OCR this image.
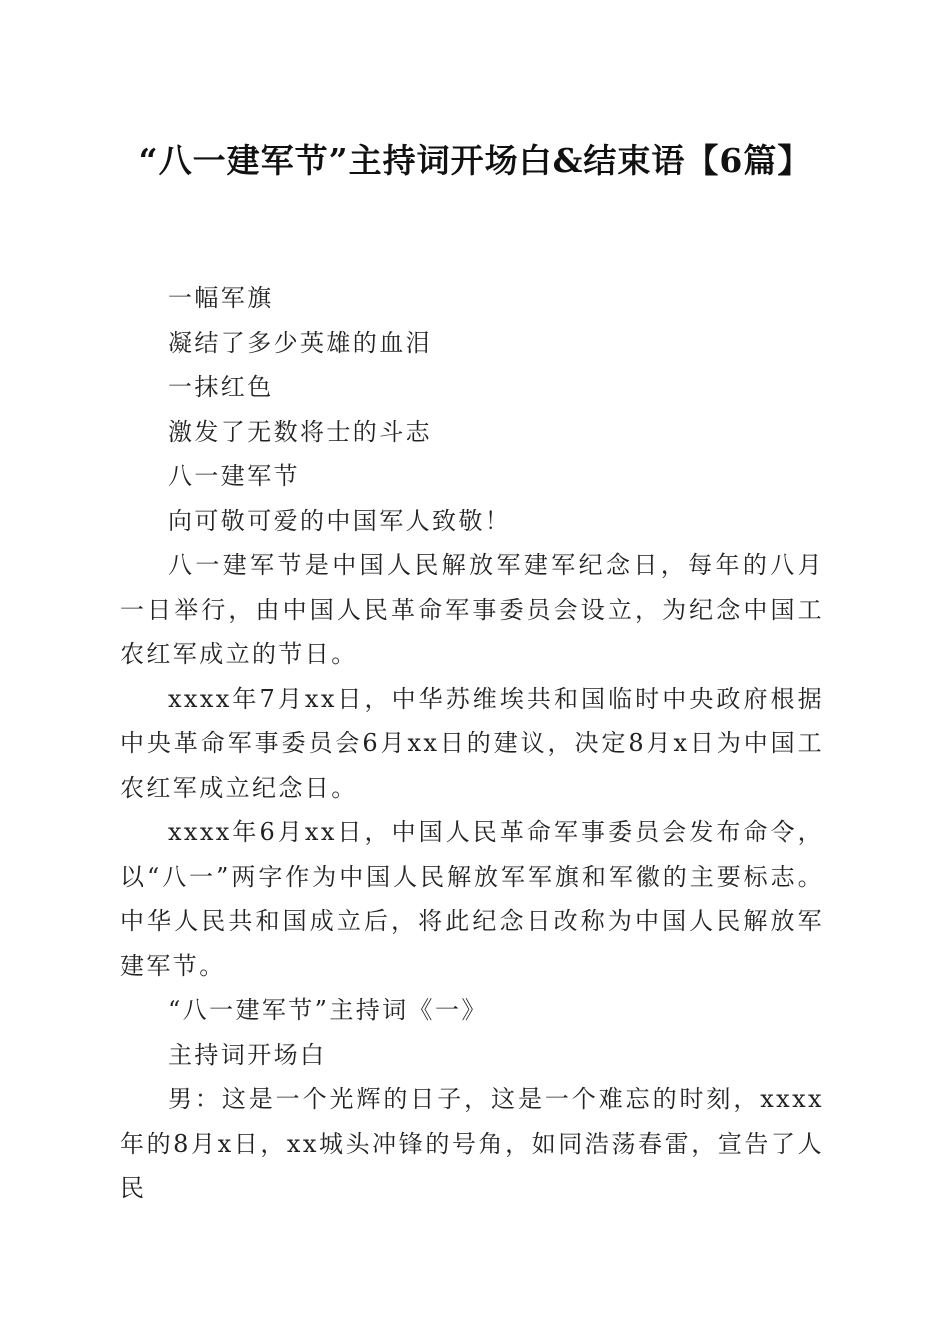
“八一建军节”主持词开场白&结束语【6篇】

一幅军旗

凝结了多少英雄的血泪

一抹红色

激发了无数将士的斗志

八一建军节

向可敬可爱的中国军人致敬！

八一建军节是中国人民解放军建军纪念日，每年的八月一日举行，由中国人民革命军事委员会设立，为纪念中国工农红军成立的节日。

xxxx年7月xx日，中华苏维埃共和国临时中央政府根据中央革命军事委员会6月xx日的建议，决定8月x日为中国工农红军成立纪念日。

xxxx年6月xx日，中国人民革命军事委员会发布命令，以“八一”两字作为中国人民解放军军旗和军徽的主要标志。中华人民共和国成立后，将此纪念日改称为中国人民解放军建军节。

“八一建军节”主持词《一》

主持词开场白

男：这是一个光辉的日子，这是一个难忘的时刻，xxxx年的8月x日，xx城头冲锋的号角，如同浩荡春雷，宣告了人民
